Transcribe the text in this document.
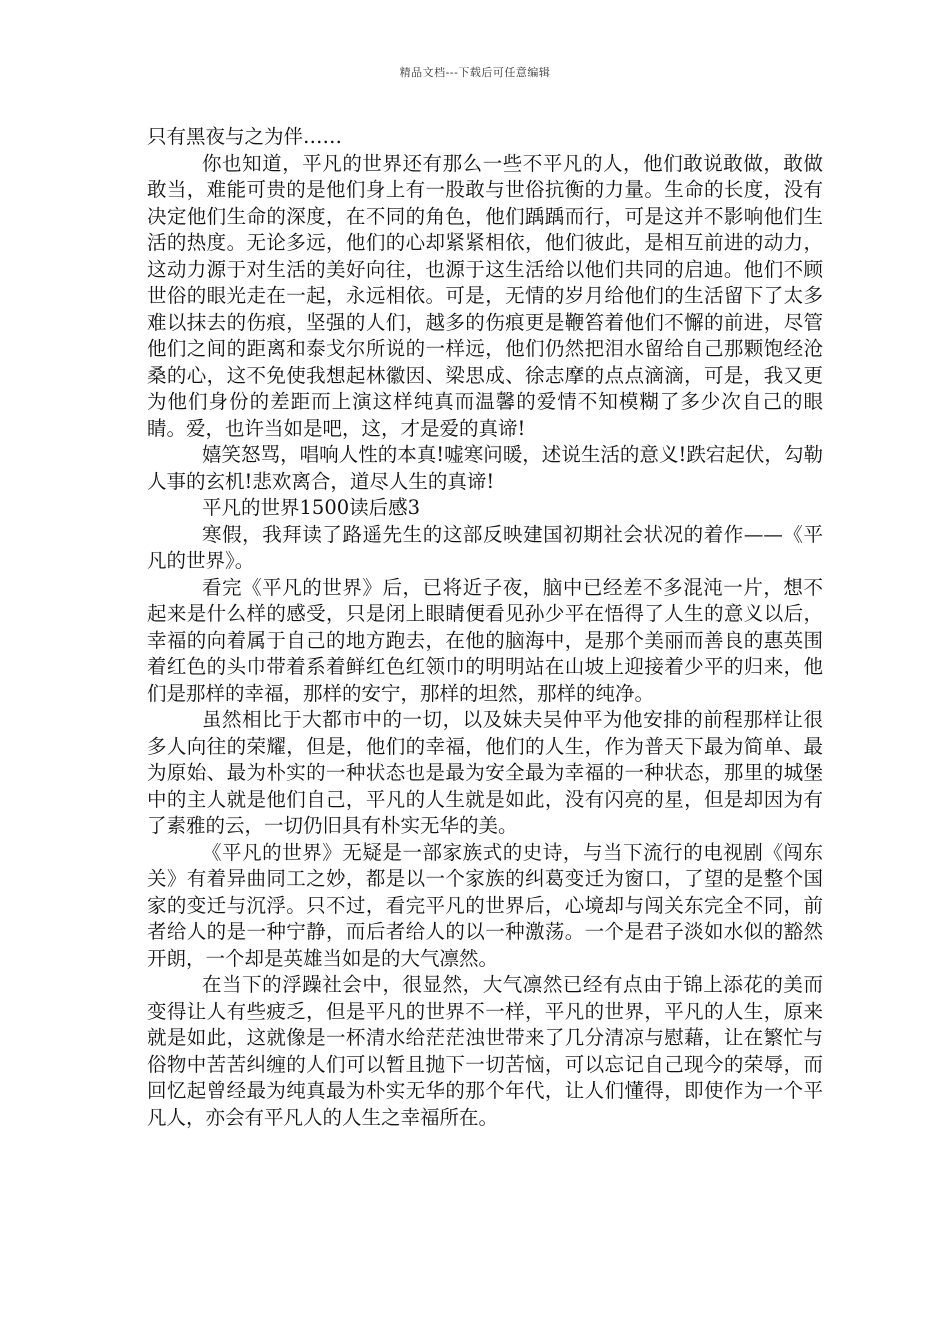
精品文档---下载后可任意编辑

只有黑夜与之为伴……

你也知道，平凡的世界还有那么一些不平凡的人，他们敢说敢做，敢做敢当，难能可贵的是他们身上有一股敢与世俗抗衡的力量。生命的长度，没有决定他们生命的深度，在不同的角色，他们踽踽而行，可是这并不影响他们生活的热度。无论多远，他们的心却紧紧相依，他们彼此，是相互前进的动力，这动力源于对生活的美好向往，也源于这生活给以他们共同的启迪。他们不顾世俗的眼光走在一起，永远相依。可是，无情的岁月给他们的生活留下了太多难以抹去的伤痕，坚强的人们，越多的伤痕更是鞭笞着他们不懈的前进，尽管他们之间的距离和泰戈尔所说的一样远，他们仍然把泪水留给自己那颗饱经沧桑的心，这不免使我想起林徽因、梁思成、徐志摩的点点滴滴，可是，我又更为他们身份的差距而上演这样纯真而温馨的爱情不知模糊了多少次自己的眼睛。爱，也许当如是吧，这，才是爱的真谛!

嬉笑怒骂，唱响人性的本真!嘘寒问暖，述说生活的意义!跌宕起伏，勾勒人事的玄机!悲欢离合，道尽人生的真谛!

平凡的世界1500读后感3

寒假，我拜读了路遥先生的这部反映建国初期社会状况的着作——《平凡的世界》。

看完《平凡的世界》后，已将近子夜，脑中已经差不多混沌一片，想不起来是什么样的感受，只是闭上眼睛便看见孙少平在悟得了人生的意义以后，幸福的向着属于自己的地方跑去，在他的脑海中，是那个美丽而善良的惠英围着红色的头巾带着系着鲜红色红领巾的明明站在山坡上迎接着少平的归来，他们是那样的幸福，那样的安宁，那样的坦然，那样的纯净。

虽然相比于大都市中的一切，以及妹夫吴仲平为他安排的前程那样让很多人向往的荣耀，但是，他们的幸福，他们的人生，作为普天下最为简单、最为原始、最为朴实的一种状态也是最为安全最为幸福的一种状态，那里的城堡中的主人就是他们自己，平凡的人生就是如此，没有闪亮的星，但是却因为有了素雅的云，一切仍旧具有朴实无华的美。

《平凡的世界》无疑是一部家族式的史诗，与当下流行的电视剧《闯东关》有着异曲同工之妙，都是以一个家族的纠葛变迁为窗口，了望的是整个国家的变迁与沉浮。只不过，看完平凡的世界后，心境却与闯关东完全不同，前者给人的是一种宁静，而后者给人的以一种激荡。一个是君子淡如水似的豁然开朗，一个却是英雄当如是的大气凛然。

在当下的浮躁社会中，很显然，大气凛然已经有点由于锦上添花的美而变得让人有些疲乏，但是平凡的世界不一样，平凡的世界，平凡的人生，原来就是如此，这就像是一杯清水给茫茫浊世带来了几分清凉与慰藉，让在繁忙与俗物中苦苦纠缠的人们可以暂且抛下一切苦恼，可以忘记自己现今的荣辱，而回忆起曾经最为纯真最为朴实无华的那个年代，让人们懂得，即使作为一个平凡人，亦会有平凡人的人生之幸福所在。
